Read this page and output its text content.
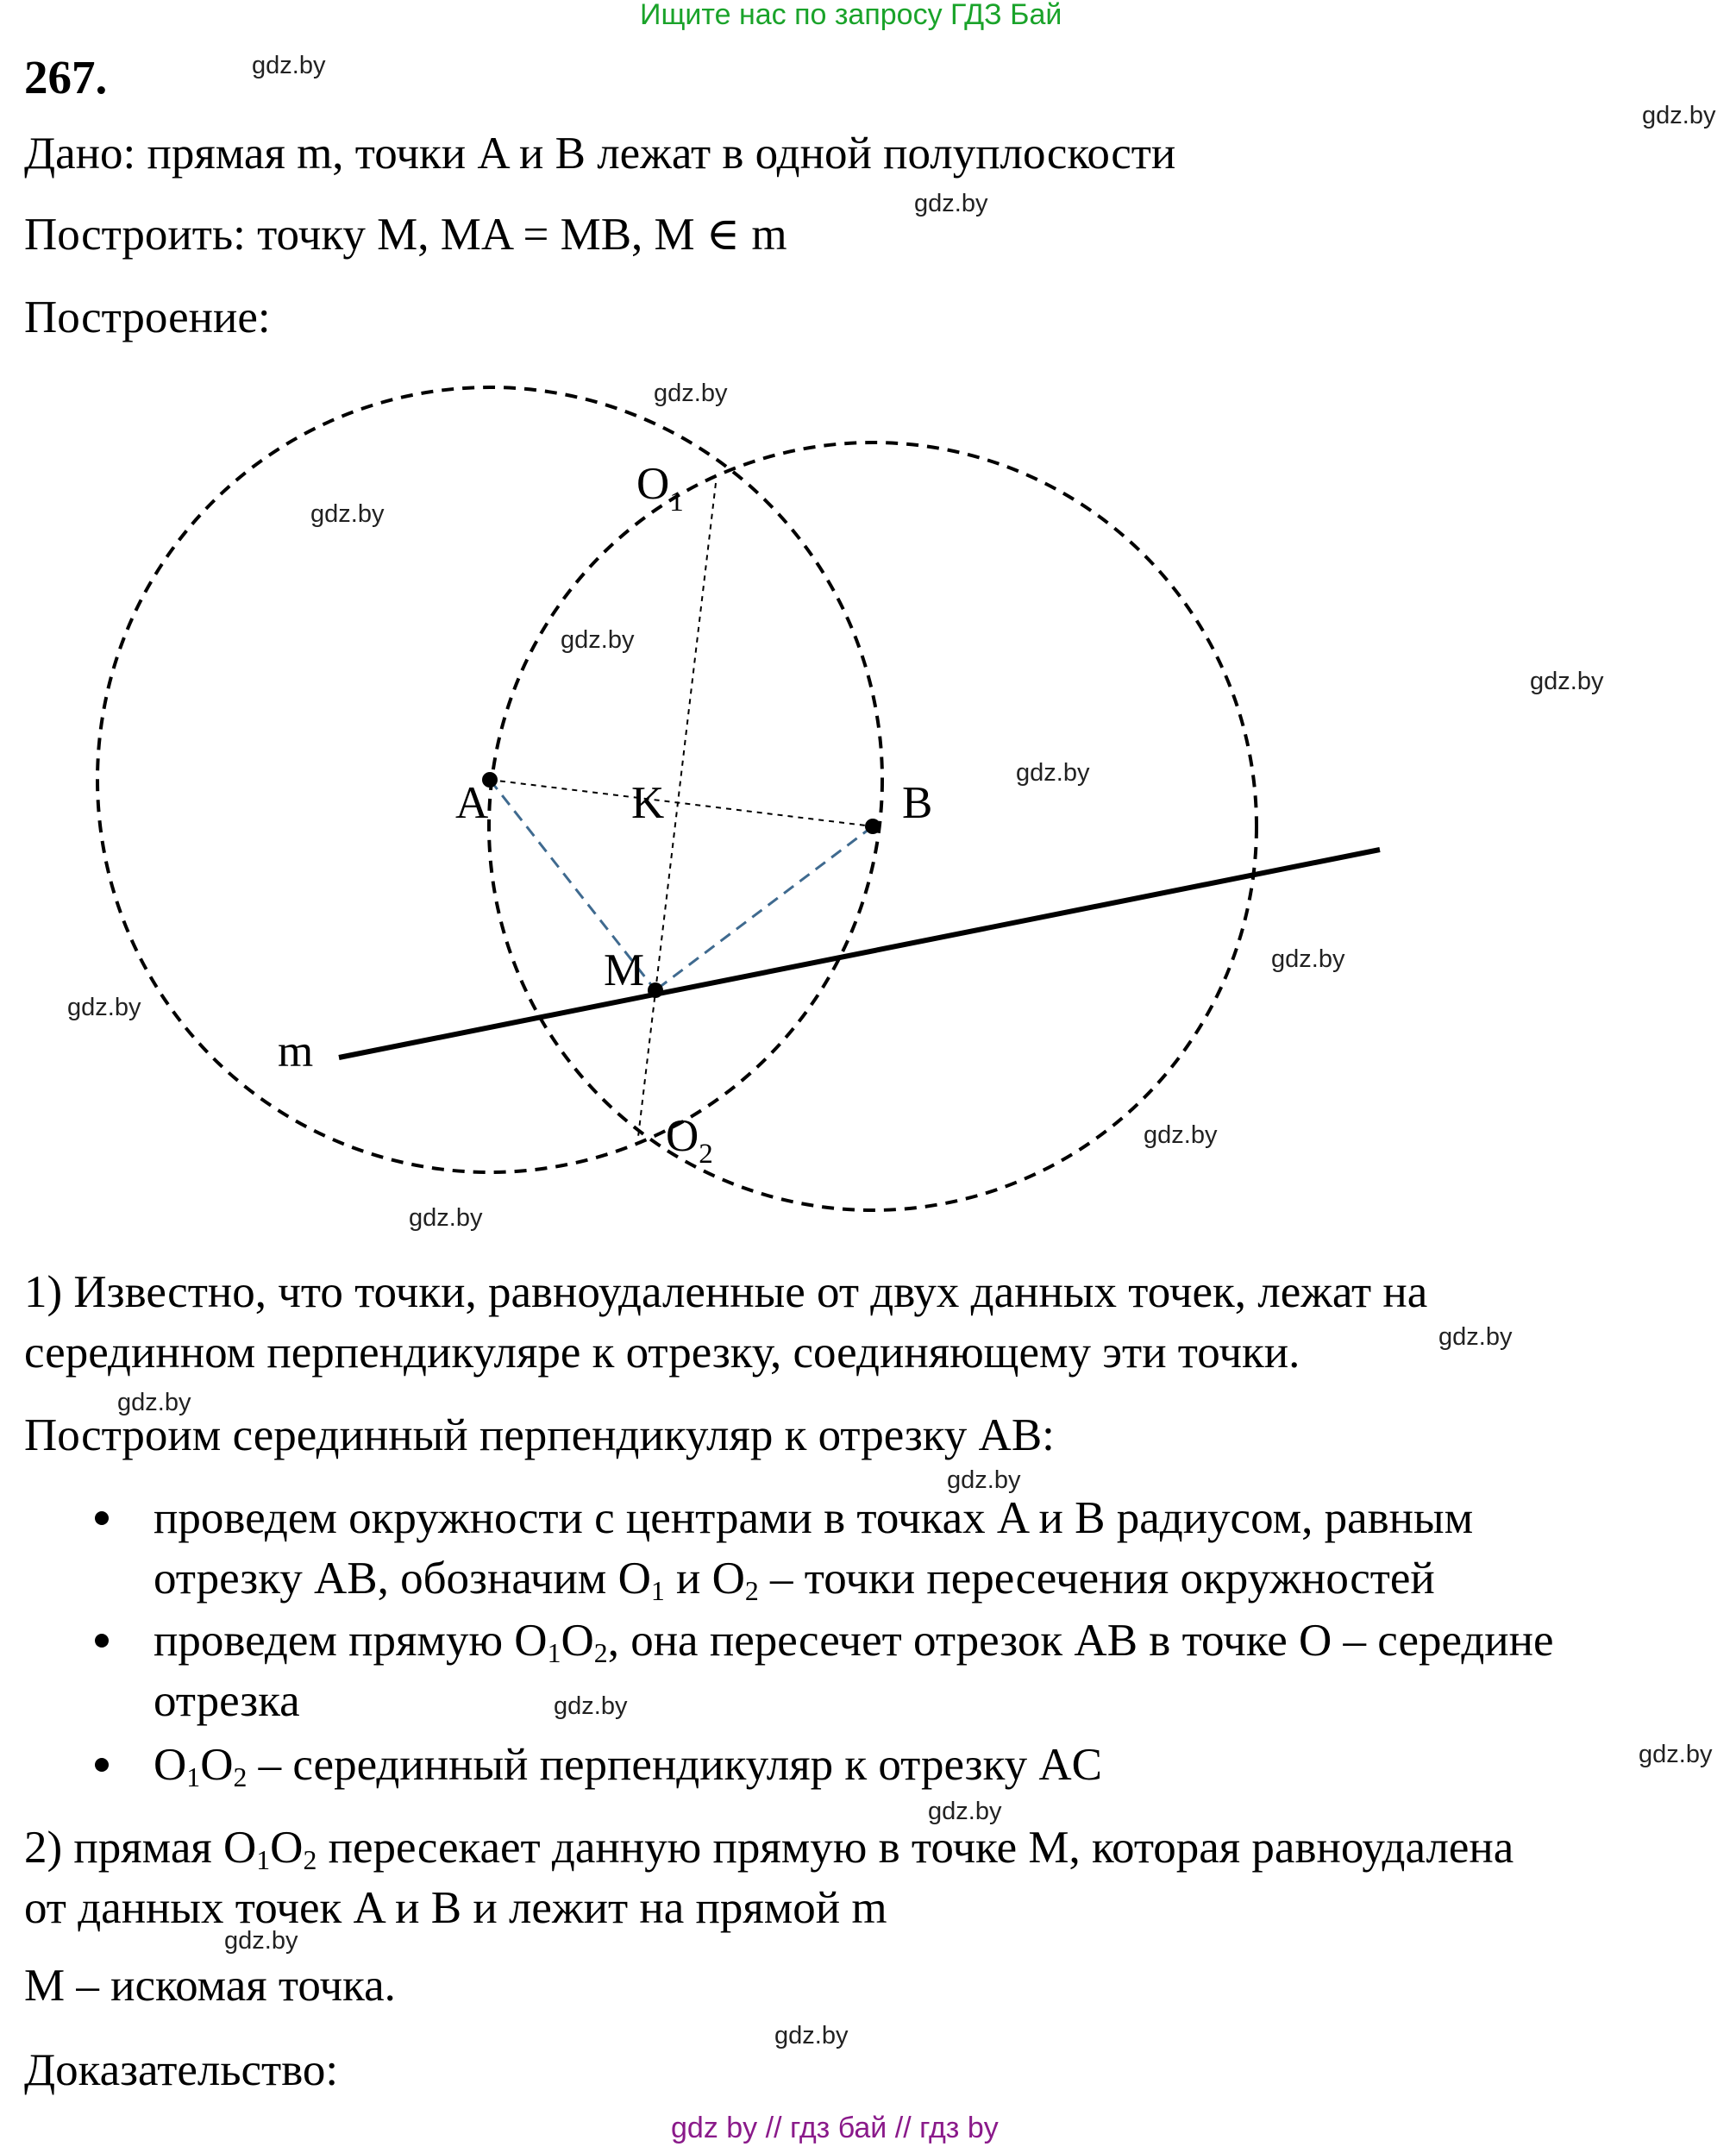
Ищите нас по запросу ГДЗ Бай
267.
Дано: прямая m, точки A и B лежат в одной полуплоскости
Построить: точку M, MA = MB, M ∈ m
Построение:
A	B
K
M
m
$O_1$
$O_2$
1) Известно, что точки, равноудаленные от двух данных точек, лежат на
серединном перпендикуляре к отрезку, соединяющему эти точки.
Построим серединный перпендикуляр к отрезку AB:
проведем окружности с центрами в точках A и B радиусом, равным
отрезку AB, обозначим $O_1$ и $O_2$ – точки пересечения окружностей
проведем прямую $O_1O_2$, она пересечет отрезок AB в точке O – середине
отрезка
$O_1O_2$ – серединный перпендикуляр к отрезку AC
2) прямая $O_1O_2$ пересекает данную прямую в точке M, которая равноудалена
от данных точек A и B и лежит на прямой m
M – искомая точка.
Доказательство:
gdz.by
gdz.by
gdz.by
gdz.by
gdz.by
gdz.by
gdz.by
gdz.by
gdz.by
gdz.by
gdz.by
gdz.by
gdz.by
gdz.by
gdz.by
gdz.by
gdz.by
gdz.by
gdz.by
gdz.by
gdz by // гдз бай // гдз by
